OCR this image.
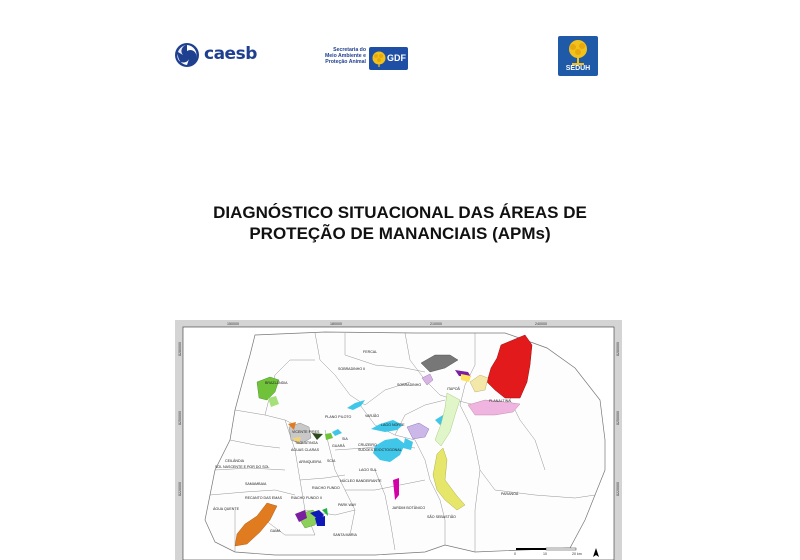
caesb	Secretaria do
Meio Ambiente e
Proteção Animal GDF
SEDUH
DIAGNÓSTICO SITUACIONAL DAS ÁREAS DE
PROTEÇÃO DE MANANCIAIS (APMs)
150000	180000	210000	240000
8280000
8250000
8220000
8280000
8250000
8220000
FERCAL
SOBRADINHO II
SOBRADINHO
BRAZLÂNDIA
PLANALTINA
ITAPOÃ
PLANO PILOTO	VARJÃO
LAGO NORTE
PARANOÁ
VICENTE PIRES
TAGUATINGA
ÁGUAS CLARAS
GUARÁ
SIA
CRUZEIRO
SUDOESTE/OCTOGONAL
CEILÂNDIA
SOL NASCENTE E POR DO SOL
ARNIQUEIRA
LAGO SUL
NÚCLEO BANDEIRANTE
SAMAMBAIA
RIACHO FUNDO
RECANTO DAS EMAS RIACHO FUNDO II
PARK WAY
ÁGUA QUENTE	JARDIM BOTÂNICO
SÃO SEBASTIÃO
GAMA
SANTA MARIA
SCIA
0	10	20 km
